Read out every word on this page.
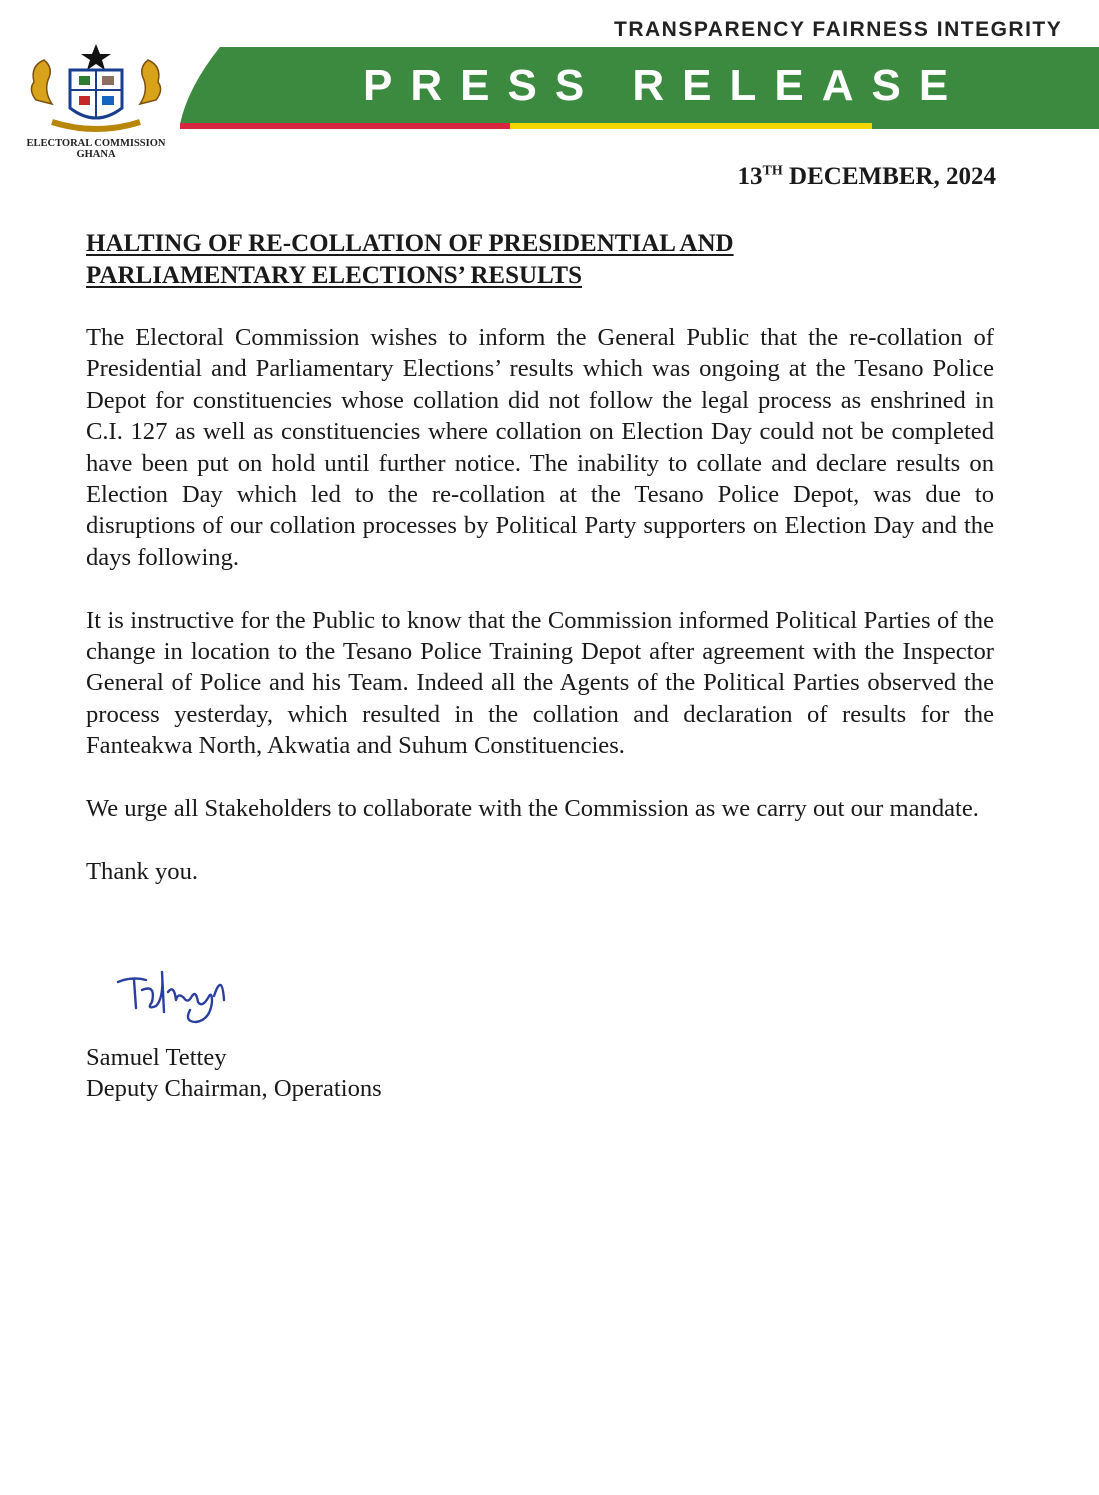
TRANSPARENCY FAIRNESS INTEGRITY
PRESS RELEASE
ELECTORAL COMMISSION
GHANA
13TH DECEMBER, 2024
HALTING OF RE-COLLATION OF PRESIDENTIAL AND
PARLIAMENTARY ELECTIONS’ RESULTS

The Electoral Commission wishes to inform the General Public that the re-collation of Presidential and Parliamentary Elections’ results which was ongoing at the Tesano Police Depot for constituencies whose collation did not follow the legal process as enshrined in C.I. 127 as well as constituencies where collation on Election Day could not be completed have been put on hold until further notice. The inability to collate and declare results on Election Day which led to the re-collation at the Tesano Police Depot, was due to disruptions of our collation processes by Political Party supporters on Election Day and the days following.

It is instructive for the Public to know that the Commission informed Political Parties of the change in location to the Tesano Police Training Depot after agreement with the Inspector General of Police and his Team. Indeed all the Agents of the Political Parties observed the process yesterday, which resulted in the collation and declaration of results for the Fanteakwa North, Akwatia and Suhum Constituencies.

We urge all Stakeholders to collaborate with the Commission as we carry out our mandate.

Thank you.

Samuel Tettey
Deputy Chairman, Operations
